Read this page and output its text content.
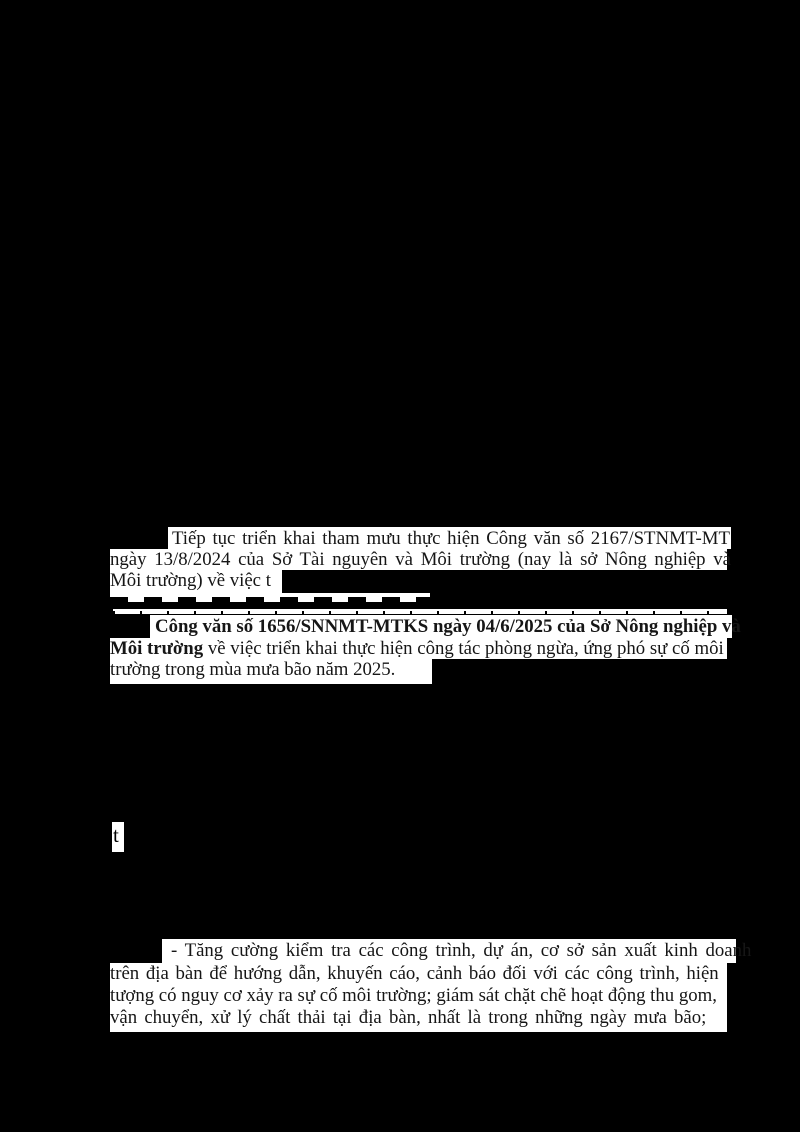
Tiếp tục triển khai tham mưu thực hiện Công văn số 2167/STNMT-MT
ngày 13/8/2024 của Sở Tài nguyên và Môi trường (nay là sở Nông nghiệp và
Môi trường) về việc t
Công văn số 1656/SNNMT-MTKS ngày 04/6/2025 của Sở Nông nghiệp và
Môi trường về việc triển khai thực hiện công tác phòng ngừa, ứng phó sự cố môi
trường trong mùa mưa bão năm 2025.
t
- Tăng cường kiểm tra các công trình, dự án, cơ sở sản xuất kinh doanh
trên địa bàn để hướng dẫn, khuyến cáo, cảnh báo đối với các công trình, hiện
tượng có nguy cơ xảy ra sự cố môi trường; giám sát chặt chẽ hoạt động thu gom,
vận chuyển, xử lý chất thải tại địa bàn, nhất là trong những ngày mưa bão;
